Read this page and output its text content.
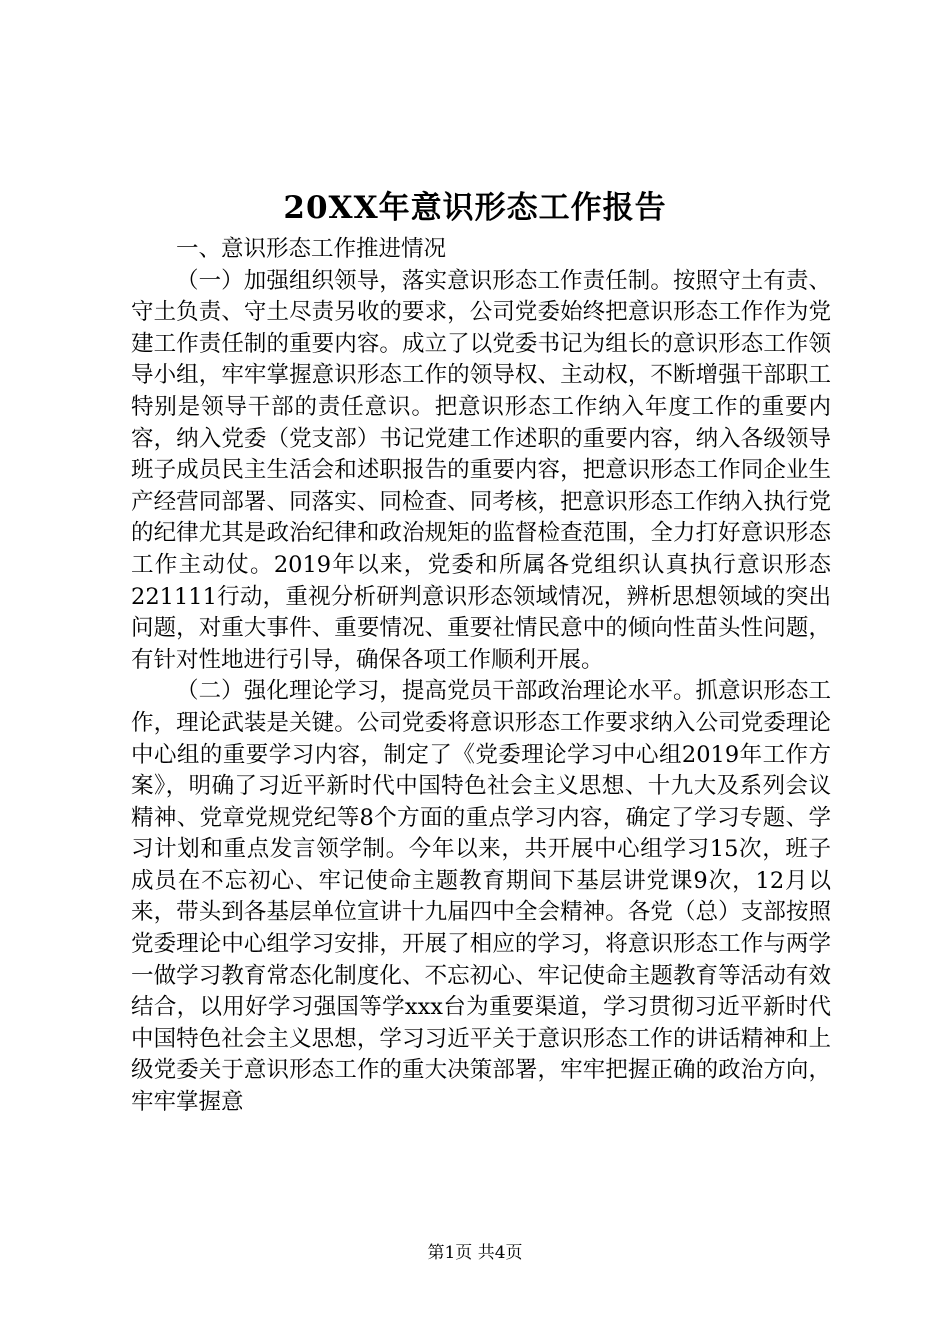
20XX年意识形态工作报告

一、意识形态工作推进情况

（一）加强组织领导，落实意识形态工作责任制。按照守土有责、守土负责、守土尽责另收的要求，公司党委始终把意识形态工作作为党建工作责任制的重要内容。成立了以党委书记为组长的意识形态工作领导小组，牢牢掌握意识形态工作的领导权、主动权，不断增强干部职工特别是领导干部的责任意识。把意识形态工作纳入年度工作的重要内容，纳入党委（党支部）书记党建工作述职的重要内容，纳入各级领导班子成员民主生活会和述职报告的重要内容，把意识形态工作同企业生产经营同部署、同落实、同检查、同考核，把意识形态工作纳入执行党的纪律尤其是政治纪律和政治规矩的监督检查范围，全力打好意识形态工作主动仗。2019年以来，党委和所属各党组织认真执行意识形态221111行动，重视分析研判意识形态领域情况，辨析思想领域的突出问题，对重大事件、重要情况、重要社情民意中的倾向性苗头性问题，有针对性地进行引导，确保各项工作顺利开展。

（二）强化理论学习，提高党员干部政治理论水平。抓意识形态工作，理论武装是关键。公司党委将意识形态工作要求纳入公司党委理论中心组的重要学习内容，制定了《党委理论学习中心组2019年工作方案》，明确了习近平新时代中国特色社会主义思想、十九大及系列会议精神、党章党规党纪等8个方面的重点学习内容，确定了学习专题、学习计划和重点发言领学制。今年以来，共开展中心组学习15次，班子成员在不忘初心、牢记使命主题教育期间下基层讲党课9次，12月以来，带头到各基层单位宣讲十九届四中全会精神。各党（总）支部按照党委理论中心组学习安排，开展了相应的学习，将意识形态工作与两学一做学习教育常态化制度化、不忘初心、牢记使命主题教育等活动有效结合，以用好学习强国等学xxx台为重要渠道，学习贯彻习近平新时代中国特色社会主义思想，学习习近平关于意识形态工作的讲话精神和上级党委关于意识形态工作的重大决策部署，牢牢把握正确的政治方向，牢牢掌握意

第1页 共4页
